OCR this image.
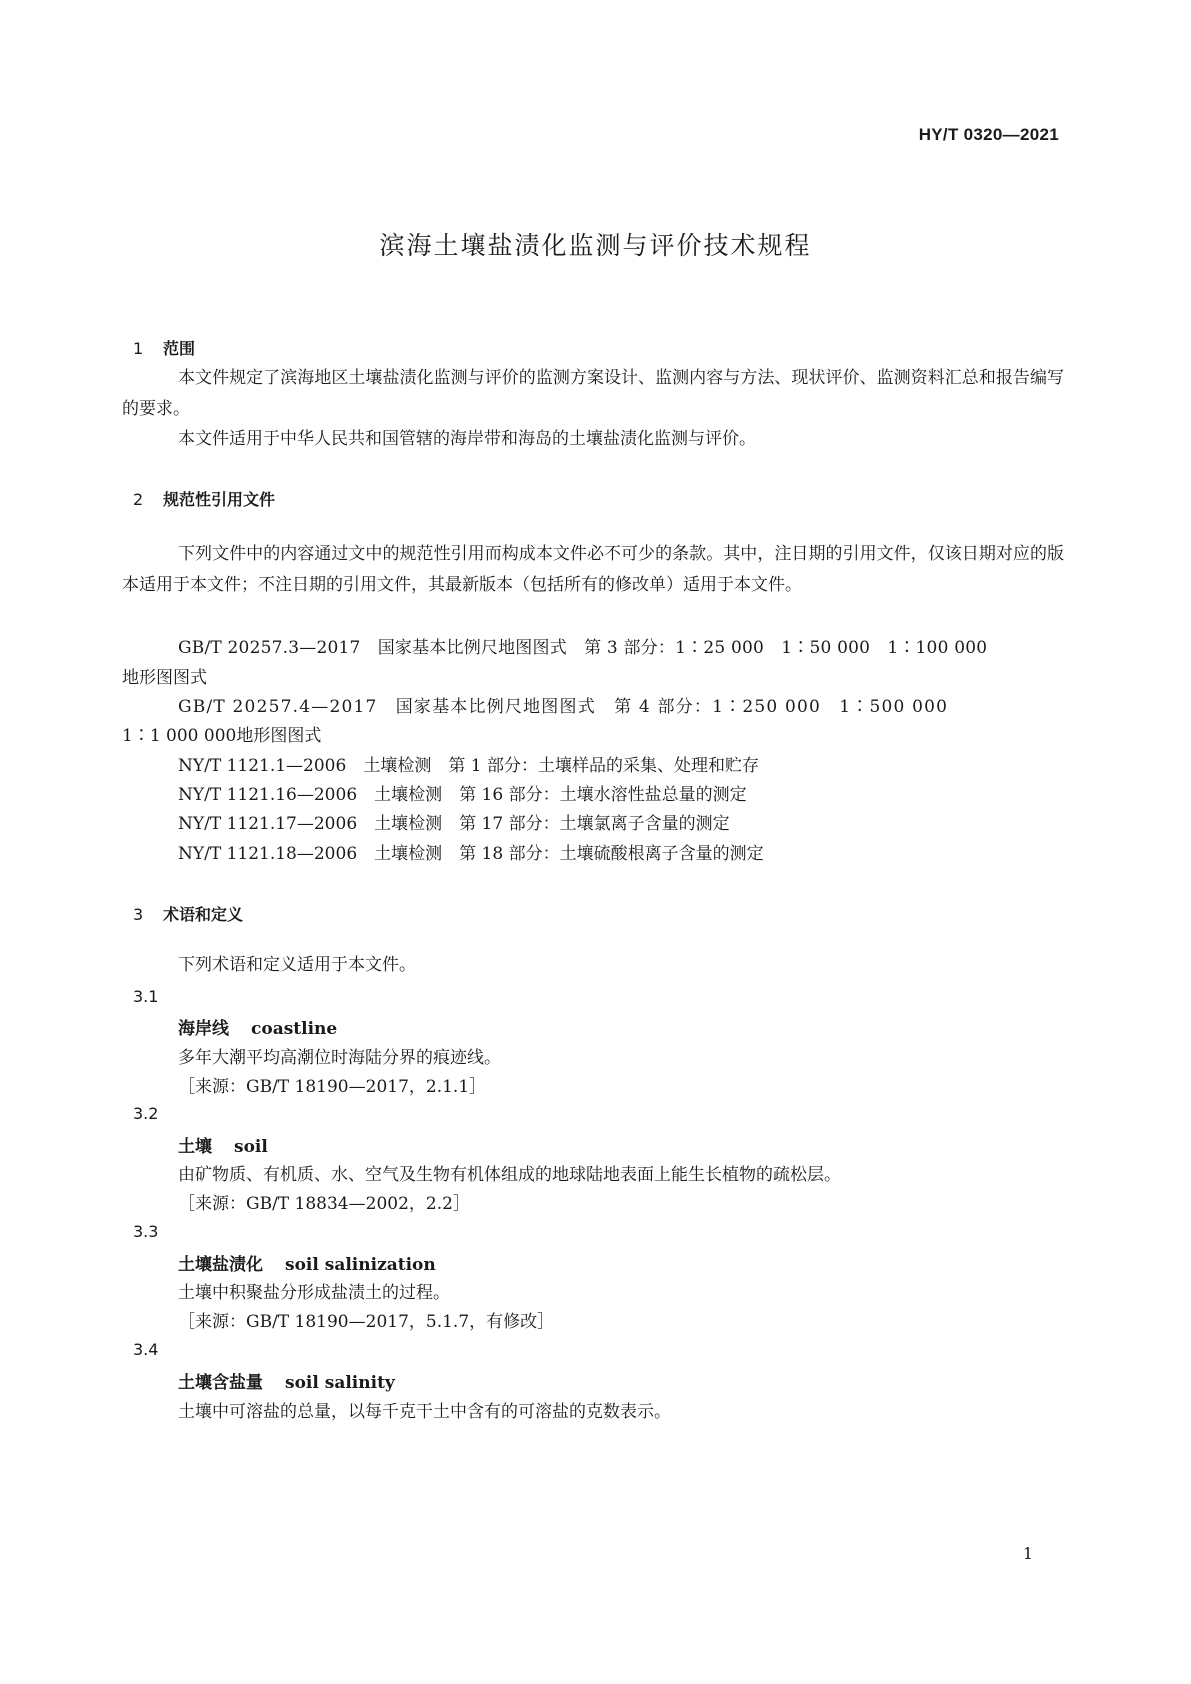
HY/T 0320—2021
滨海土壤盐渍化监测与评价技术规程
1 范围
本文件规定了滨海地区土壤盐渍化监测与评价的监测方案设计、监测内容与方法、现状评价、监测资料汇总和报告编写的要求。
本文件适用于中华人民共和国管辖的海岸带和海岛的土壤盐渍化监测与评价。
2 规范性引用文件
下列文件中的内容通过文中的规范性引用而构成本文件必不可少的条款。其中，注日期的引用文件，仅该日期对应的版本适用于本文件；不注日期的引用文件，其最新版本（包括所有的修改单）适用于本文件。
GB/T 20257.3—2017　国家基本比例尺地图图式　第 3 部分：1∶25 000　1∶50 000　1∶100 000
地形图图式
GB/T 20257.4—2017　国家基本比例尺地图图式　第 4 部分：1∶250 000　1∶500 000
1∶1 000 000地形图图式
NY/T 1121.1—2006　土壤检测　第 1 部分：土壤样品的采集、处理和贮存
NY/T 1121.16—2006　土壤检测　第 16 部分：土壤水溶性盐总量的测定
NY/T 1121.17—2006　土壤检测　第 17 部分：土壤氯离子含量的测定
NY/T 1121.18—2006　土壤检测　第 18 部分：土壤硫酸根离子含量的测定
3 术语和定义
下列术语和定义适用于本文件。
3.1
海岸线 coastline
多年大潮平均高潮位时海陆分界的痕迹线。
［来源：GB/T 18190—2017，2.1.1］
3.2
土壤 soil
由矿物质、有机质、水、空气及生物有机体组成的地球陆地表面上能生长植物的疏松层。
［来源：GB/T 18834—2002，2.2］
3.3
土壤盐渍化 soil salinization
土壤中积聚盐分形成盐渍土的过程。
［来源：GB/T 18190—2017，5.1.7，有修改］
3.4
土壤含盐量 soil salinity
土壤中可溶盐的总量，以每千克干土中含有的可溶盐的克数表示。
1
